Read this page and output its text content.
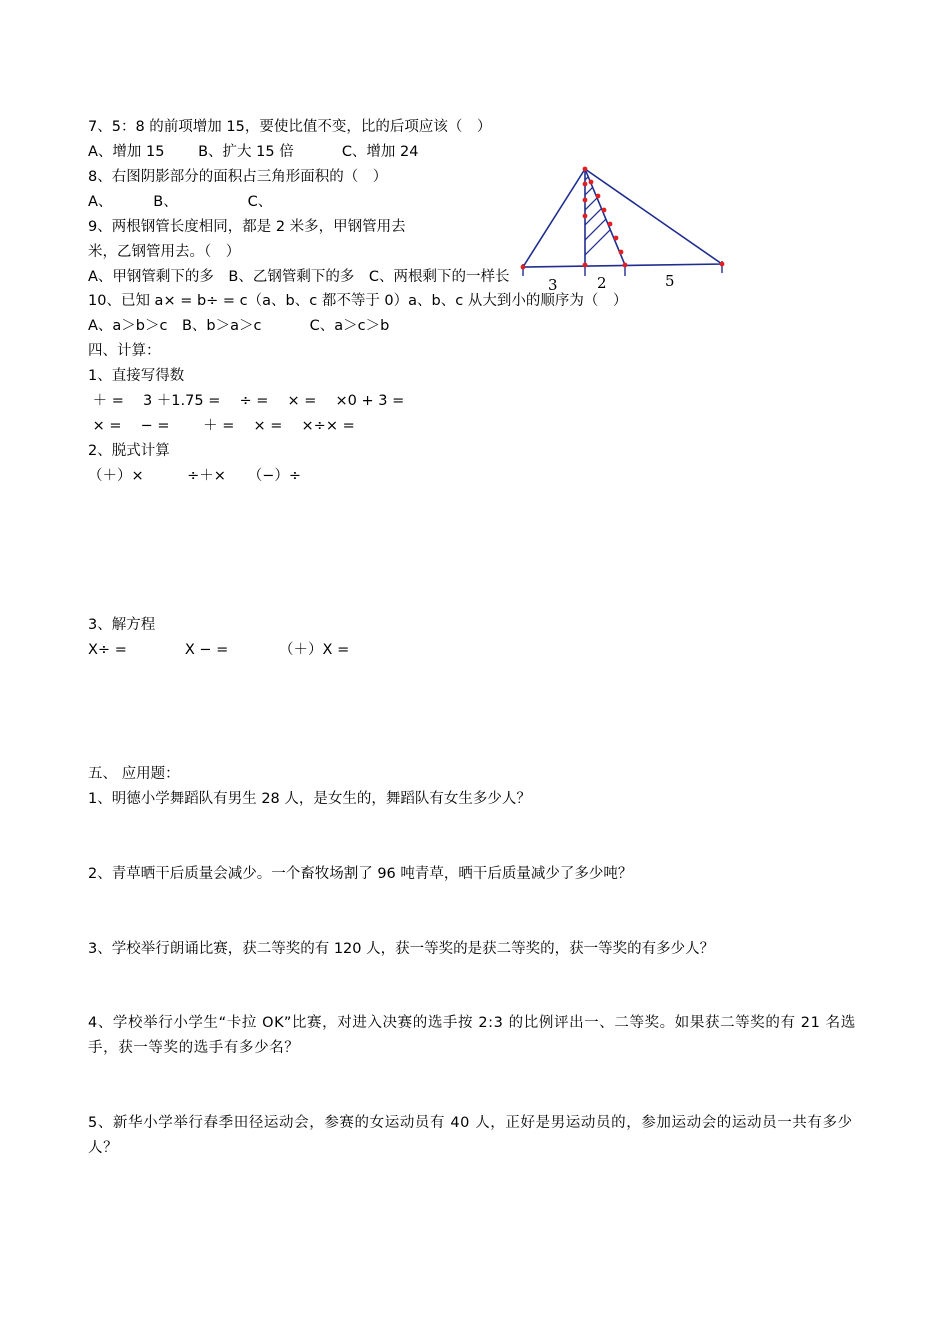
7、5：8 的前项增加 15，要使比值不变，比的后项应该（　）
A、增加 15　　 B、扩大 15 倍　　　 C、增加 24
8、右图阴影部分的面积占三角形面积的（　）
A、　　　 B、　　　　　 C、
9、两根钢管长度相同，都是 2 米多，甲钢管用去
米，乙钢管用去。（　）
A、甲钢管剩下的多　B、乙钢管剩下的多　C、两根剩下的一样长
10、已知 a× = b÷ = c（a、b、c 都不等于 0）a、b、c 从大到小的顺序为（　）
A、a＞b＞c　B、b＞a＞c　　　 C、a＞c＞b
3	2	5
四、计算：
1、直接写得数
＋ =　 3 ＋1.75 =　 ÷ =　 × =　 ×0 + 3 =
× =　 − =　　 ＋ =　 × =　 ×÷× =
2、脱式计算
（＋）×　　　÷＋×　　（−）÷
3、解方程
X÷ =　　　　X − =　　　　（＋）X =
五、 应用题：
1、明德小学舞蹈队有男生 28 人，是女生的，舞蹈队有女生多少人？
2、青草晒干后质量会减少。一个畜牧场割了 96 吨青草，晒干后质量减少了多少吨？
3、学校举行朗诵比赛，获二等奖的有 120 人，获一等奖的是获二等奖的，获一等奖的有多少人？
4、学校举行小学生“卡拉 OK”比赛，对进入决赛的选手按 2:3 的比例评出一、二等奖。如果获二等奖的有 21 名选手，获一等奖的选手有多少名？
5、新华小学举行春季田径运动会，参赛的女运动员有 40 人，正好是男运动员的，参加运动会的运动员一共有多少人？
